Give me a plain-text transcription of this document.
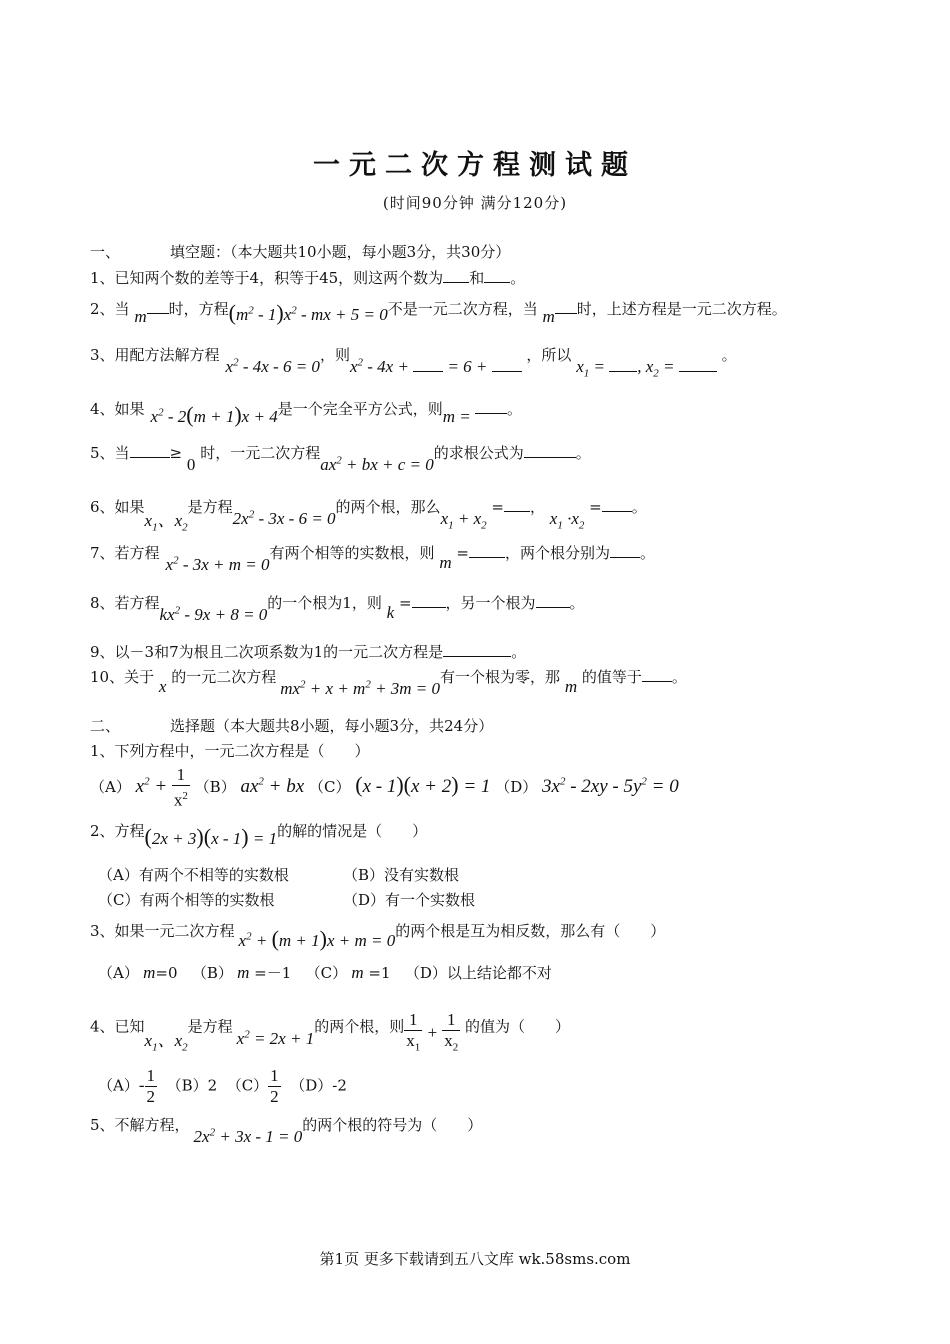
一元二次方程测试题
(时间90分钟 满分120分)
一、	填空题：（本大题共10小题，每小题3分，共30分）
1、已知两个数的差等于4，积等于45，则这两个数为 和 。
2、当 m 时，方程$(m^2 - 1)x^2$ - mx + 5 = 0不是一元二次方程，当 m 时，上述方程是一元二次方程。
3、用配方法解方程$x^2 - 4x - 6 = 0$，则$x^2 - 4x$ +  = 6 +  ，所以 $x_1$ = , $x_2$ =  。
4、如果 $x^2 - 2(m + 1)x + 4$是一个完全平方公式，则m = 。
5、当	≥ 0 时，一元二次方程$ax^2$ + bx + c = 0的求根公式为	。
6、如果$x_1$、$x_2$是方程$2x^2 - 3x - 6 = 0$的两个根，那么$x_1 + x_2$ = ， $x_1 \cdot x_2$ = 。
7、若方程$x^2 - 3x + m = 0$有两个相等的实数根，则 m = ，两个根分别为 。
8、若方程$kx^2 - 9x + 8 = 0$的一个根为1，则 k = ，另一个根为 。
9、以－3和7为根且二次项系数为1的一元二次方程是	。
10、关于 x 的一元二次方程$mx^2 + x + m^2 + 3m = 0$有一个根为零，那 m 的值等于 。
二、	选择题（本大题共8小题，每小题3分，共24分）
1、下列方程中，一元二次方程是（　　）
（A） $x^2 + \frac{1}{x^2} (B) ax^2$ + bx （C） (x - 1)(x + 2) = 1 （D） $3x^2 - 2xy - 5y^2 = 0$
2、方程(2x + 3)(x - 1) = 1的解的情况是（　　）
（A）有两个不相等的实数根	（B）没有实数根
（C）有两个相等的实数根	（D）有一个实数根
3、如果一元二次方程 $x^2 + (m + 1)x + m = 0$的两个根是互为相反数，那么有（　　）
（A） m=0 （B） m =－1 （C） m =1 （D）以上结论都不对
4、已知$x_1$、$x_2$是方程$x^2 = 2x + 1$的两个根，则 $\frac{1}{x_1} + \frac{1}{x_2}$ 的值为（　　）
$(A)- \frac{1}{2} (B)2$ $(C) \frac{1}{2} (D)-2$
5、不解方程，$2x^2 + 3x - 1 = 0$的两个根的符号为（　　）
第1页 更多下载请到五八文库 wk.58sms.com
